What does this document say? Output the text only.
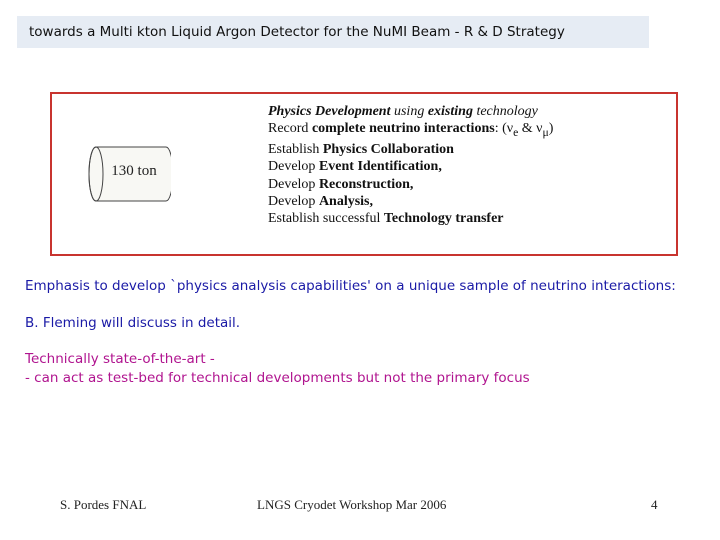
towards a Multi kton Liquid Argon Detector for the NuMI Beam - R & D Strategy
130 ton
Physics Development using existing technology
Record complete neutrino interactions: ($\nu_e$ & $\nu_\mu$)
Establish Physics Collaboration
Develop Event Identification,
Develop Reconstruction,
Develop Analysis,
Establish successful Technology transfer
Emphasis to develop `physics analysis capabilities' on a unique sample of neutrino interactions:
B. Fleming will discuss in detail.
Technically state-of-the-art -
- can act as test-bed for technical developments but not the primary focus
S. Pordes FNAL	LNGS Cryodet Workshop Mar 2006	4
